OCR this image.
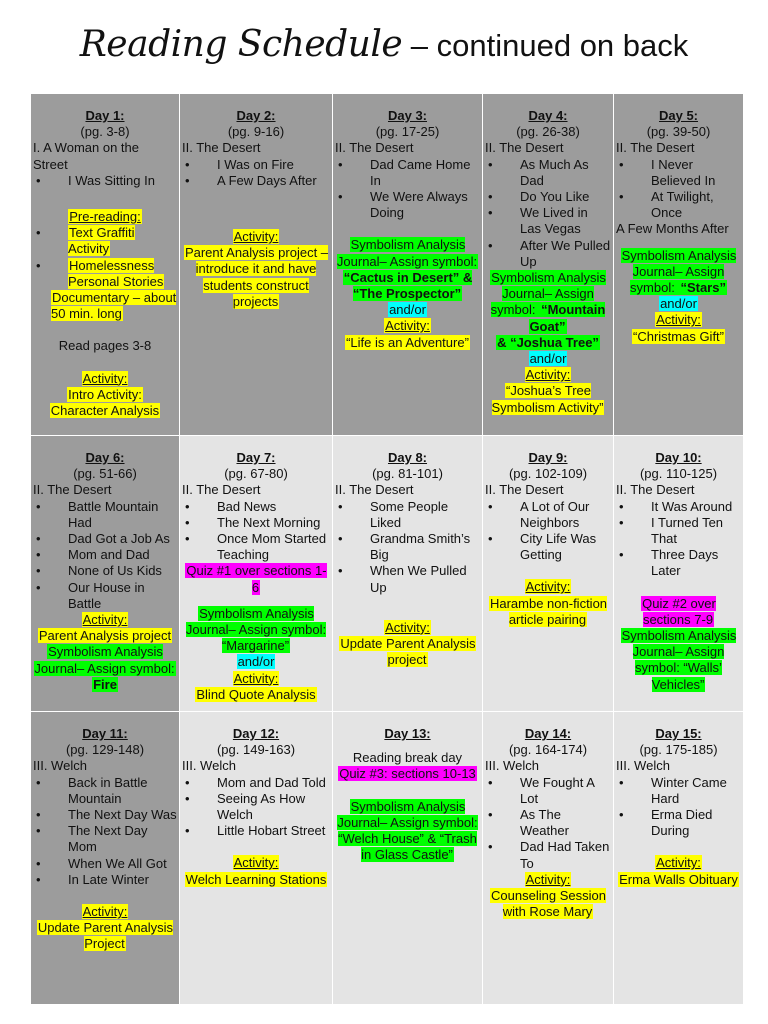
Reading Schedule – continued on back
Day 1:
(pg. 3-8)
I. A Woman on the Street
• I Was Sitting In
Pre-reading:
• Text Graffiti Activity
• Homelessness Personal Stories
Documentary – about 50 min. long
Read pages 3-8
Activity:
Intro Activity:
Character Analysis
Day 2:
(pg. 9-16)
II. The Desert
• I Was on Fire
• A Few Days After
Activity:
Parent Analysis project – introduce it and have students construct projects
Day 3:
(pg. 17-25)
II. The Desert
• Dad Came Home In
• We Were Always Doing
Symbolism Analysis Journal– Assign symbol: “Cactus in Desert” & “The Prospector”
and/or
Activity:
“Life is an Adventure”
Day 4:
(pg. 26-38)
II. The Desert
• As Much As Dad
• Do You Like
• We Lived in Las Vegas
• After We Pulled Up
Symbolism Analysis Journal– Assign symbol: “Mountain Goat”
& “Joshua Tree”
and/or
Activity:
“Joshua’s Tree Symbolism Activity”
Day 5:
(pg. 39-50)
II. The Desert
• I Never Believed In
• At Twilight, Once
A Few Months After
Symbolism Analysis Journal– Assign symbol: “Stars”
and/or
Activity:
“Christmas Gift”
Day 6:
(pg. 51-66)
II. The Desert
• Battle Mountain Had
• Dad Got a Job As
• Mom and Dad
• None of Us Kids
• Our House in Battle
Activity:
Parent Analysis project
Symbolism Analysis Journal– Assign symbol: Fire
Day 7:
(pg. 67-80)
II. The Desert
• Bad News
• The Next Morning
• Once Mom Started Teaching
Quiz #1 over sections 1-6
Symbolism Analysis Journal– Assign symbol: “Margarine”
and/or
Activity:
Blind Quote Analysis
Day 8:
(pg. 81-101)
II. The Desert
• Some People Liked
• Grandma Smith’s Big
• When We Pulled Up
Activity:
Update Parent Analysis project
Day 9:
(pg. 102-109)
II. The Desert
• A Lot of Our Neighbors
• City Life Was Getting
Activity:
Harambe non-fiction article pairing
Day 10:
(pg. 110-125)
II. The Desert
• It Was Around
• I Turned Ten That
• Three Days Later
Quiz #2 over sections 7-9
Symbolism Analysis Journal– Assign symbol: “Walls’ Vehicles”
Day 11:
(pg. 129-148)
III. Welch
• Back in Battle Mountain
• The Next Day Was
• The Next Day Mom
• When We All Got
• In Late Winter
Activity:
Update Parent Analysis Project
Day 12:
(pg. 149-163)
III. Welch
• Mom and Dad Told
• Seeing As How Welch
• Little Hobart Street
Activity:
Welch Learning Stations
Day 13:
Reading break day
Quiz #3: sections 10-13
Symbolism Analysis Journal– Assign symbol: “Welch House” & “Trash in Glass Castle”
Day 14:
(pg. 164-174)
III. Welch
• We Fought A Lot
• As The Weather
• Dad Had Taken To
Activity:
Counseling Session with Rose Mary
Day 15:
(pg. 175-185)
III. Welch
• Winter Came Hard
• Erma Died During
Activity:
Erma Walls Obituary
